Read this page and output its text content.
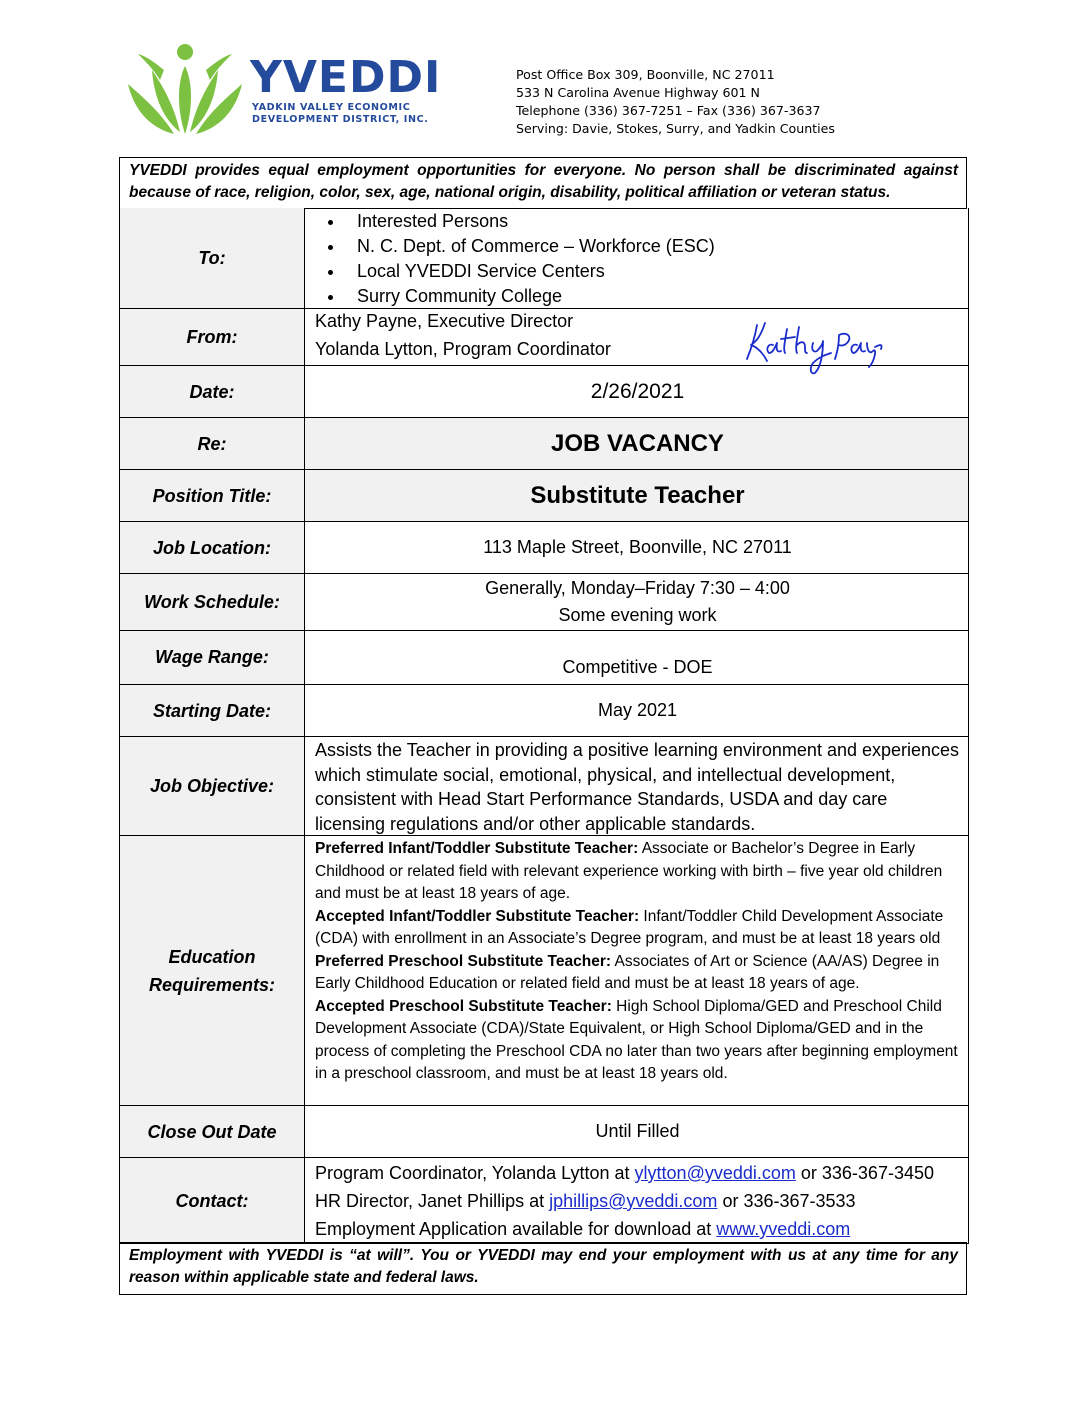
YVEDDI
YADKIN VALLEY ECONOMIC
DEVELOPMENT DISTRICT, INC.
Post Office Box 309, Boonville, NC 27011
533 N Carolina Avenue Highway 601 N
Telephone (336) 367-7251 – Fax (336) 367-3637
Serving: Davie, Stokes, Surry, and Yadkin Counties
YVEDDI provides equal employment opportunities for everyone. No person shall be discriminated against because of race, religion, color, sex, age, national origin, disability, political affiliation or veteran status.
To:
• Interested Persons
• N. C. Dept. of Commerce – Workforce (ESC)
• Local YVEDDI Service Centers
• Surry Community College
From:
Kathy Payne, Executive Director
Yolanda Lytton, Program Coordinator
Date:	2/26/2021
Re:	JOB VACANCY
Position Title:	Substitute Teacher
Job Location:	113 Maple Street, Boonville, NC 27011
Work Schedule:
Generally, Monday–Friday 7:30 – 4:00
Some evening work
Wage Range:	Competitive - DOE
Starting Date:	May 2021
Job Objective:
Assists the Teacher in providing a positive learning environment and experiences which stimulate social, emotional, physical, and intellectual development, consistent with Head Start Performance Standards, USDA and day care licensing regulations and/or other applicable standards.
Education
Requirements:
Preferred Infant/Toddler Substitute Teacher: Associate or Bachelor’s Degree in Early Childhood or related field with relevant experience working with birth – five year old children and must be at least 18 years of age.
Accepted Infant/Toddler Substitute Teacher: Infant/Toddler Child Development Associate (CDA) with enrollment in an Associate’s Degree program, and must be at least 18 years old
Preferred Preschool Substitute Teacher: Associates of Art or Science (AA/AS) Degree in Early Childhood Education or related field and must be at least 18 years of age.
Accepted Preschool Substitute Teacher: High School Diploma/GED and Preschool Child Development Associate (CDA)/State Equivalent, or High School Diploma/GED and in the process of completing the Preschool CDA no later than two years after beginning employment in a preschool classroom, and must be at least 18 years old.
Close Out Date	Until Filled
Contact:
Program Coordinator, Yolanda Lytton at ylytton@yveddi.com or 336-367-3450
HR Director, Janet Phillips at jphillips@yveddi.com or 336-367-3533
Employment Application available for download at www.yveddi.com
Employment with YVEDDI is “at will”. You or YVEDDI may end your employment with us at any time for any reason within applicable state and federal laws.
